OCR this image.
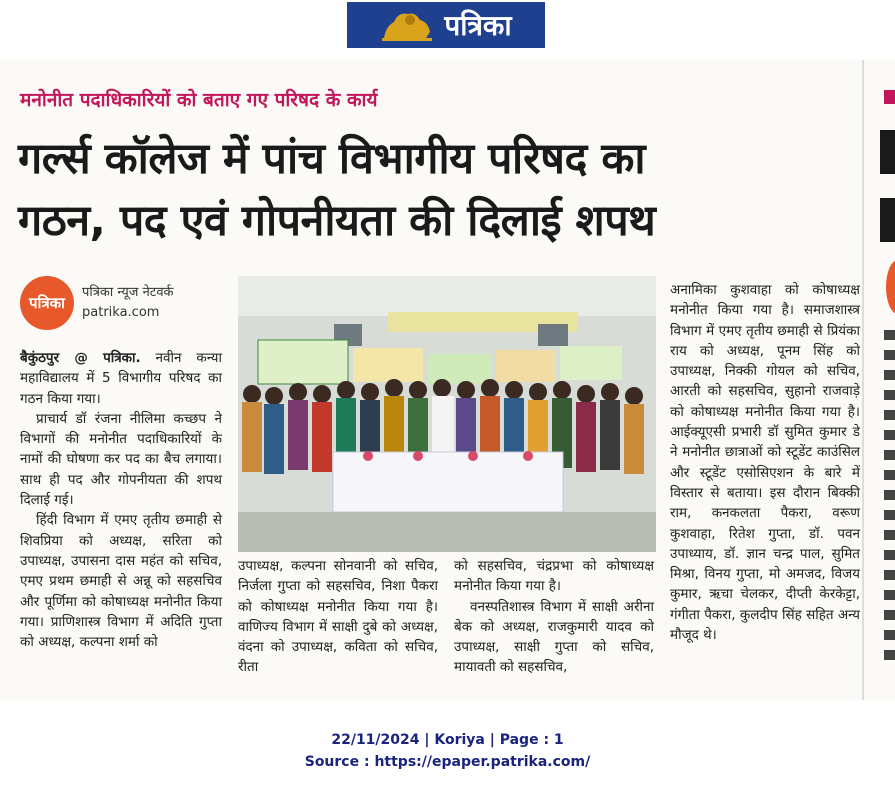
पत्रिका
मनोनीत पदाधिकारियों को बताए गए परिषद के कार्य
गर्ल्स कॉलेज में पांच विभागीय परिषद का
गठन, पद एवं गोपनीयता की दिलाई शपथ
पत्रिका
पत्रिका न्यूज नेटवर्क
patrika.com

बैकुंठपुर @ पत्रिका. नवीन कन्या महाविद्यालय में 5 विभागीय परिषद का गठन किया गया।

प्राचार्य डॉ रंजना नीलिमा कच्छप ने विभागों की मनोनीत पदाधिकारियों के नामों की घोषणा कर पद का बैच लगाया। साथ ही पद और गोपनीयता की शपथ दिलाई गई।

हिंदी विभाग में एमए तृतीय छमाही से शिवप्रिया को अध्यक्ष, सरिता को उपाध्यक्ष, उपासना दास महंत को सचिव, एमए प्रथम छमाही से अन्नू को सहसचिव और पूर्णिमा को कोषाध्यक्ष मनोनीत किया गया। प्राणिशास्त्र विभाग में अदिति गुप्ता को अध्यक्ष, कल्पना शर्मा को

उपाध्यक्ष, कल्पना सोनवानी को सचिव, निर्जला गुप्ता को सहसचिव, निशा पैकरा को कोषाध्यक्ष मनोनीत किया गया है। वाणिज्य विभाग में साक्षी दुबे को अध्यक्ष, वंदना को उपाध्यक्ष, कविता को सचिव, रीता

को सहसचिव, चंद्रप्रभा को कोषाध्यक्ष मनोनीत किया गया है।

वनस्पतिशास्त्र विभाग में साक्षी अरीना बेक को अध्यक्ष, राजकुमारी यादव को उपाध्यक्ष, साक्षी गुप्ता को सचिव, मायावती को सहसचिव,

अनामिका कुशवाहा को कोषाध्यक्ष मनोनीत किया गया है। समाजशास्त्र विभाग में एमए तृतीय छमाही से प्रियंका राय को अध्यक्ष, पूनम सिंह को उपाध्यक्ष, निक्की गोयल को सचिव, आरती को सहसचिव, सुहानो राजवाड़े को कोषाध्यक्ष मनोनीत किया गया है। आईक्यूएसी प्रभारी डॉ सुमित कुमार डे ने मनोनीत छात्राओं को स्टूडेंट काउंसिल और स्टूडेंट एसोसिएशन के बारे में विस्तार से बताया। इस दौरान बिक्की राम, कनकलता पैकरा, वरूण कुशवाहा, रितेश गुप्ता, डॉ. पवन उपाध्याय, डॉ. ज्ञान चन्द्र पाल, सुमित मिश्रा, विनय गुप्ता, मो अमजद, विजय कुमार, ऋचा चेलकर, दीप्ती केरकेट्टा, गंगीता पैकरा, कुलदीप सिंह सहित अन्य मौजूद थे।

22/11/2024 | Koriya | Page : 1
Source : https://epaper.patrika.com/
